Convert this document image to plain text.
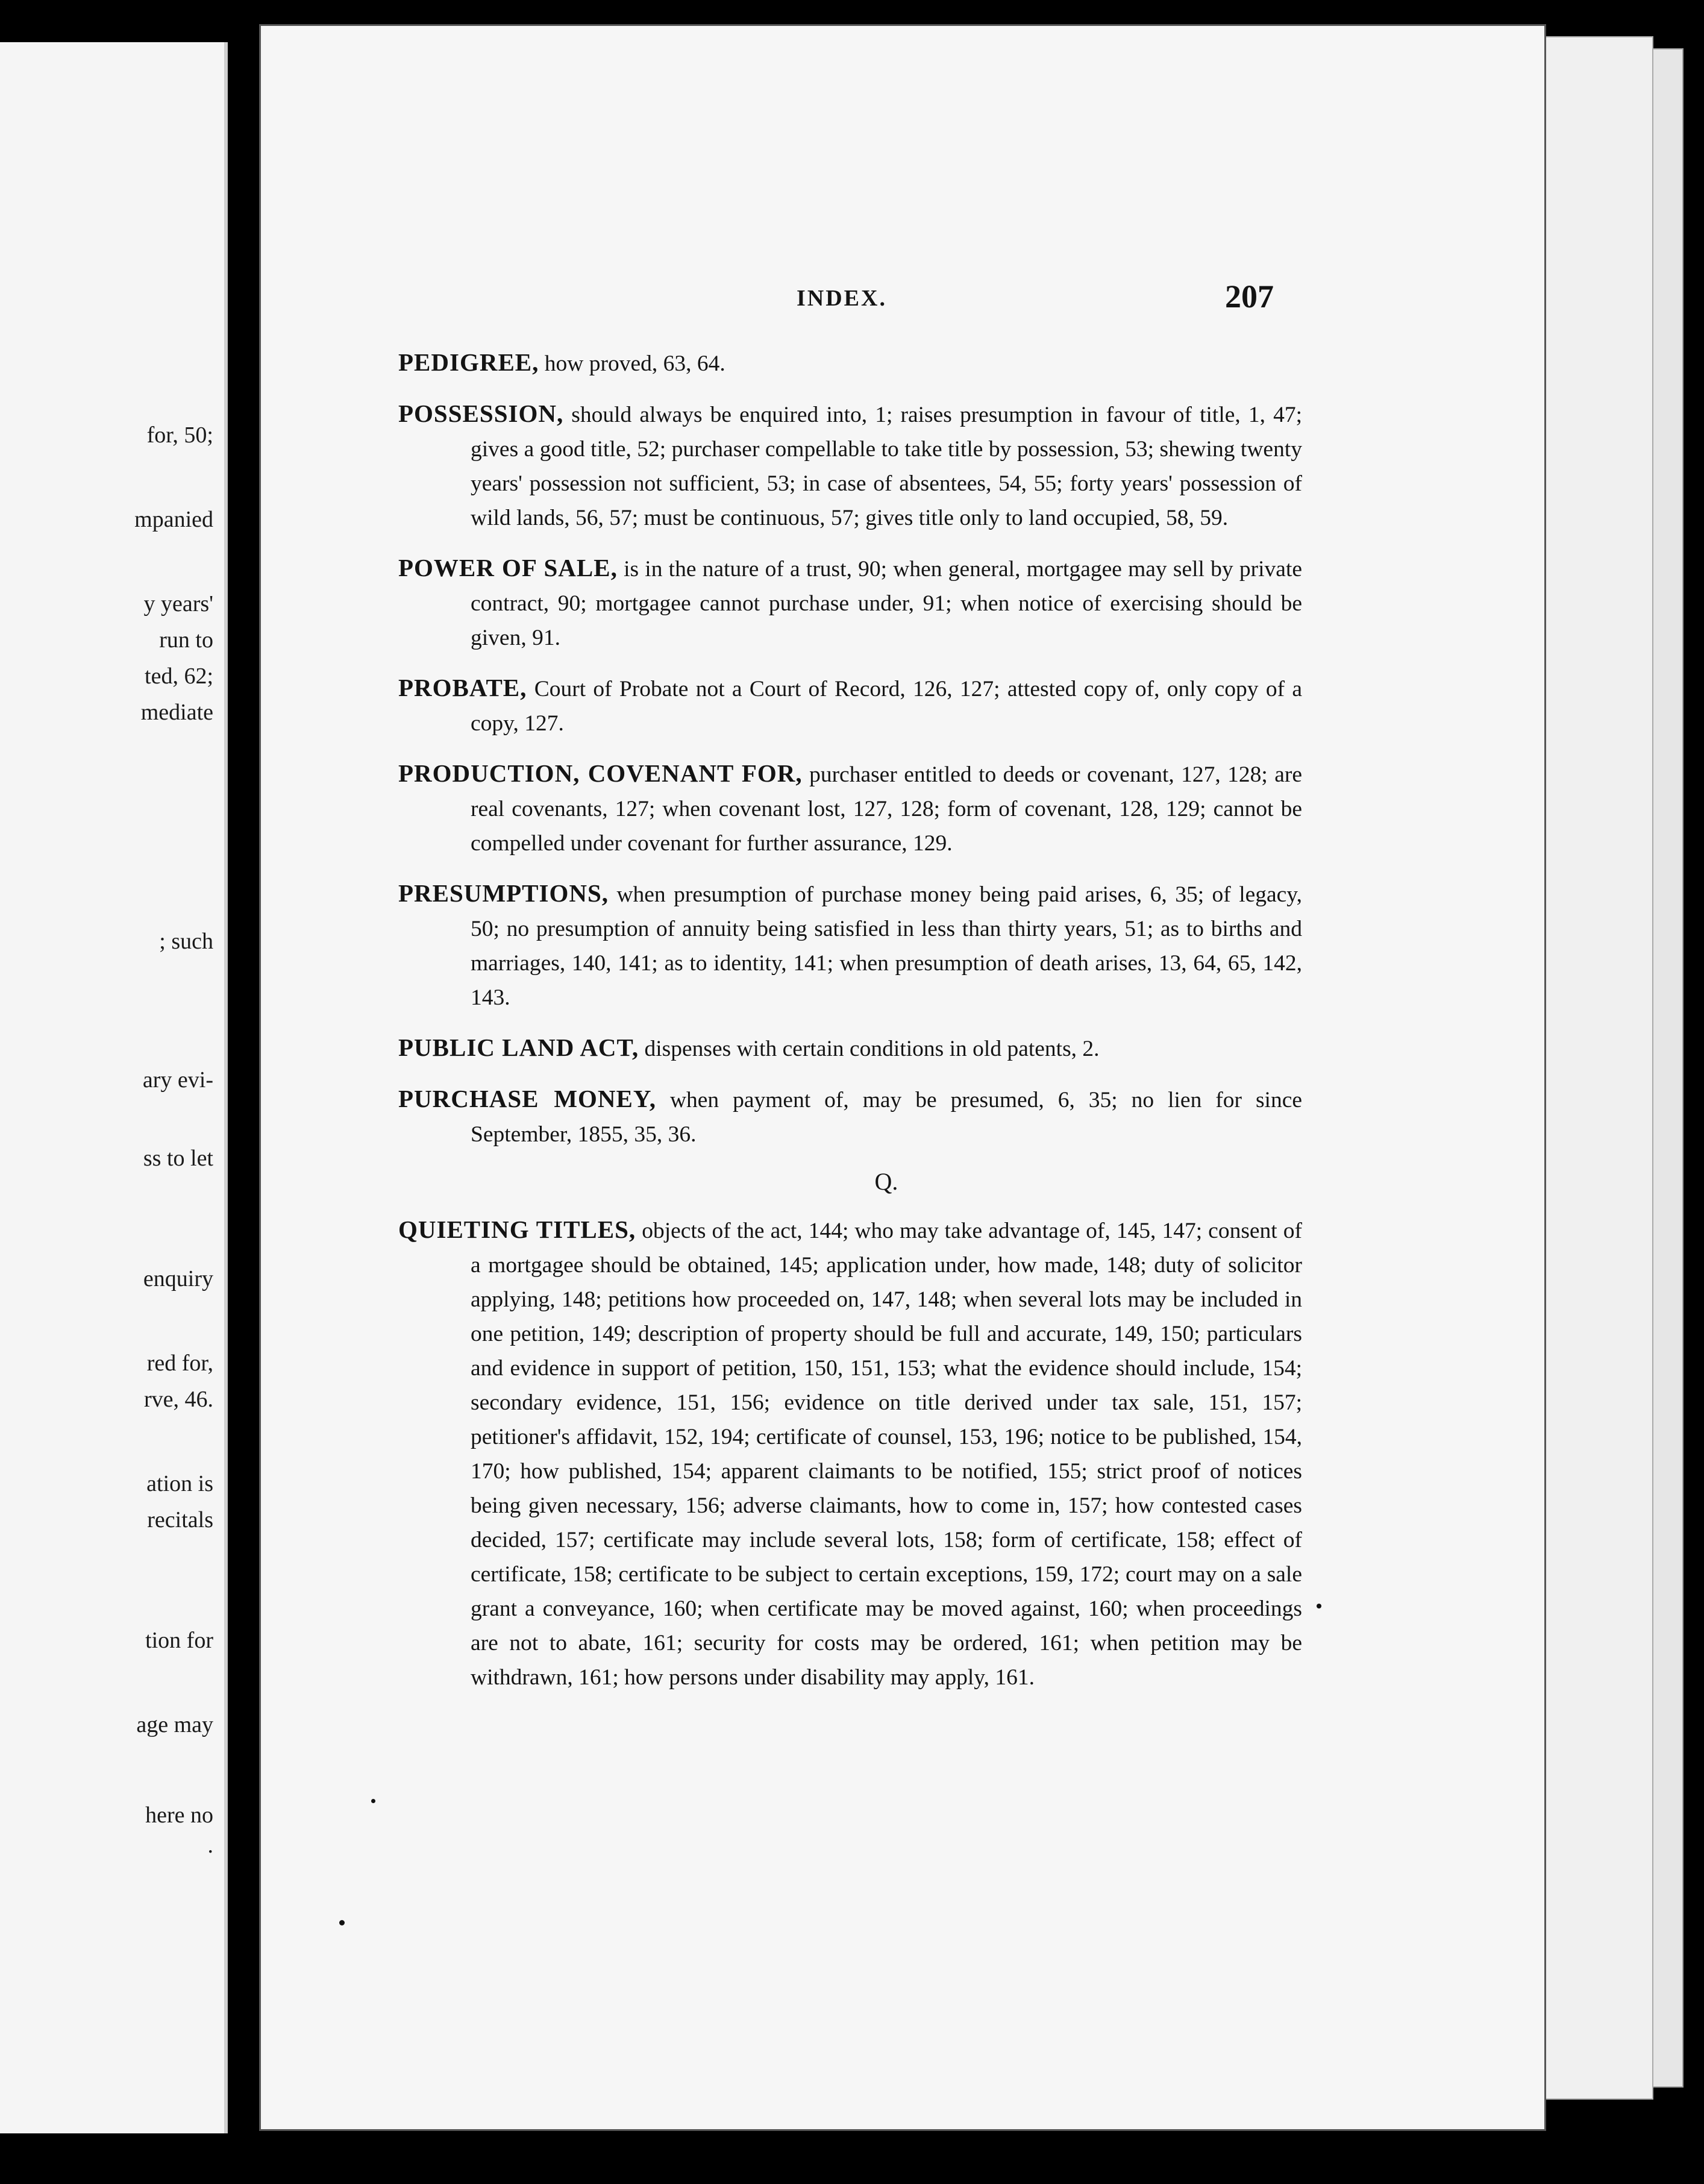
for, 50;
mpanied
y years'
run to
ted, 62;
mediate
; such
ary evi-
ss to let
enquiry
red for,
rve, 46.
ation is
recitals
tion for
age may
here no
.
INDEX.	207

PEDIGREE, how proved, 63, 64.

POSSESSION, should always be enquired into, 1; raises presumption in favour of title, 1, 47; gives a good title, 52; purchaser compellable to take title by possession, 53; shewing twenty years' possession not sufficient, 53; in case of absentees, 54, 55; forty years' possession of wild lands, 56, 57; must be continuous, 57; gives title only to land occupied, 58, 59.

POWER OF SALE, is in the nature of a trust, 90; when general, mortgagee may sell by private contract, 90; mortgagee cannot purchase under, 91; when notice of exercising should be given, 91.

PROBATE, Court of Probate not a Court of Record, 126, 127; attested copy of, only copy of a copy, 127.

PRODUCTION, COVENANT FOR, purchaser entitled to deeds or covenant, 127, 128; are real covenants, 127; when covenant lost, 127, 128; form of covenant, 128, 129; cannot be compelled under covenant for further assurance, 129.

PRESUMPTIONS, when presumption of purchase money being paid arises, 6, 35; of legacy, 50; no presumption of annuity being satisfied in less than thirty years, 51; as to births and marriages, 140, 141; as to identity, 141; when presumption of death arises, 13, 64, 65, 142, 143.

PUBLIC LAND ACT, dispenses with certain conditions in old patents, 2.

PURCHASE MONEY, when payment of, may be presumed, 6, 35; no lien for since September, 1855, 35, 36.

Q.

QUIETING TITLES, objects of the act, 144; who may take advantage of, 145, 147; consent of a mortgagee should be obtained, 145; application under, how made, 148; duty of solicitor applying, 148; petitions how proceeded on, 147, 148; when several lots may be included in one petition, 149; description of property should be full and accurate, 149, 150; particulars and evidence in support of petition, 150, 151, 153; what the evidence should include, 154; secondary evidence, 151, 156; evidence on title derived under tax sale, 151, 157; petitioner's affidavit, 152, 194; certificate of counsel, 153, 196; notice to be published, 154, 170; how published, 154; apparent claimants to be notified, 155; strict proof of notices being given necessary, 156; adverse claimants, how to come in, 157; how contested cases decided, 157; certificate may include several lots, 158; form of certificate, 158; effect of certificate, 158; certificate to be subject to certain exceptions, 159, 172; court may on a sale grant a conveyance, 160; when certificate may be moved against, 160; when proceedings are not to abate, 161; security for costs may be ordered, 161; when petition may be withdrawn, 161; how persons under disability may apply, 161.
